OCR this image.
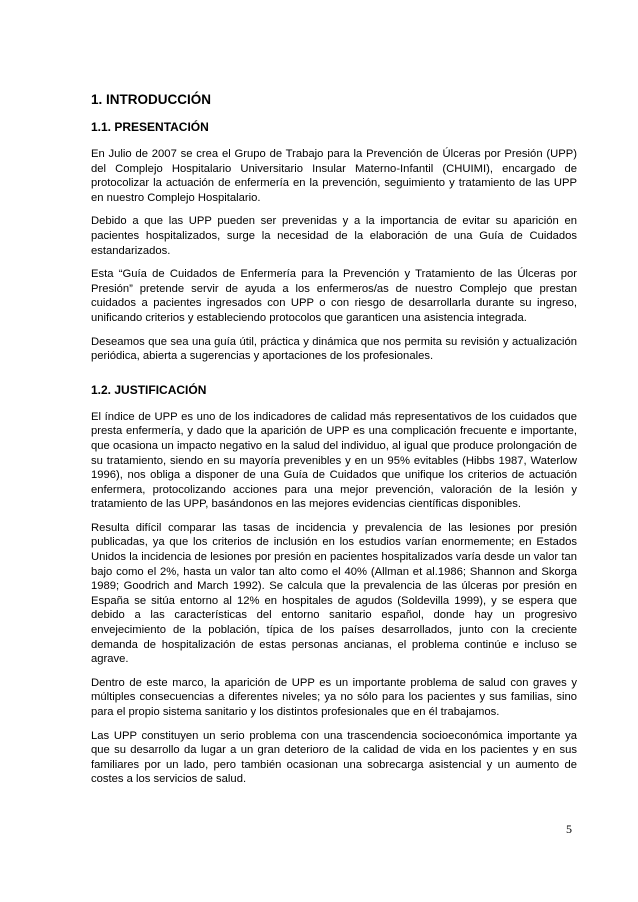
1. INTRODUCCIÓN
1.1. PRESENTACIÓN

En Julio de 2007 se crea el Grupo de Trabajo para la Prevención de Úlceras por Presión (UPP) del Complejo Hospitalario Universitario Insular Materno-Infantil (CHUIMI), encargado de protocolizar la actuación de enfermería en la prevención, seguimiento y tratamiento de las UPP en nuestro Complejo Hospitalario.

Debido a que las UPP pueden ser prevenidas y a la importancia de evitar su aparición en pacientes hospitalizados, surge la necesidad de la elaboración de una Guía de Cuidados estandarizados.

Esta “Guía de Cuidados de Enfermería para la Prevención y Tratamiento de las Úlceras por Presión” pretende servir de ayuda a los enfermeros/as de nuestro Complejo que prestan cuidados a pacientes ingresados con UPP o con riesgo de desarrollarla durante su ingreso, unificando criterios y estableciendo protocolos que garanticen una asistencia integrada.

Deseamos que sea una guía útil, práctica y dinámica que nos permita su revisión y actualización periódica, abierta a sugerencias y aportaciones de los profesionales.

1.2. JUSTIFICACIÓN

El índice de UPP es uno de los indicadores de calidad más representativos de los cuidados que presta enfermería, y dado que la aparición de UPP es una complicación frecuente e importante, que ocasiona un impacto negativo en la salud del individuo, al igual que produce prolongación de su tratamiento, siendo en su mayoría prevenibles y en un 95% evitables (Hibbs 1987, Waterlow 1996), nos obliga a disponer de una Guía de Cuidados que unifique los criterios de actuación enfermera, protocolizando acciones para una mejor prevención, valoración de la lesión y tratamiento de las UPP, basándonos en las mejores evidencias científicas disponibles.

Resulta difícil comparar las tasas de incidencia y prevalencia de las lesiones por presión publicadas, ya que los criterios de inclusión en los estudios varían enormemente; en Estados Unidos la incidencia de lesiones por presión en pacientes hospitalizados varía desde un valor tan bajo como el 2%, hasta un valor tan alto como el 40% (Allman et al.1986; Shannon and Skorga 1989; Goodrich and March 1992). Se calcula que la prevalencia de las úlceras por presión en España se sitúa entorno al 12% en hospitales de agudos (Soldevilla 1999), y se espera que debido a las características del entorno sanitario español, donde hay un progresivo envejecimiento de la población, típica de los países desarrollados, junto con la creciente demanda de hospitalización de estas personas ancianas, el problema continúe e incluso se agrave.

Dentro de este marco, la aparición de UPP es un importante problema de salud con graves y múltiples consecuencias a diferentes niveles; ya no sólo para los pacientes y sus familias, sino para el propio sistema sanitario y los distintos profesionales que en él trabajamos.

Las UPP constituyen un serio problema con una trascendencia socioeconómica importante ya que su desarrollo da lugar a un gran deterioro de la calidad de vida en los pacientes y en sus familiares por un lado, pero también ocasionan una sobrecarga asistencial y un aumento de costes a los servicios de salud.

5
